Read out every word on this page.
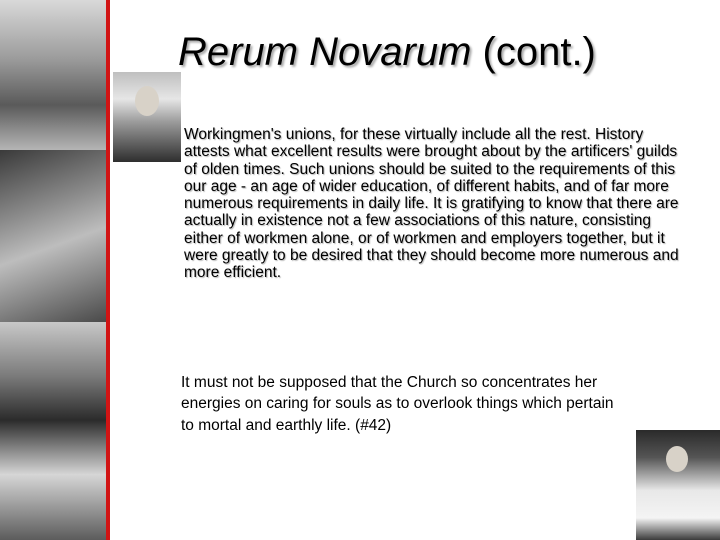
Rerum Novarum (cont.)

Workingmen's unions, for these virtually include all the rest. History attests what excellent results were brought about by the artificers' guilds of olden times. Such unions should be suited to the requirements of this our age - an age of wider education, of different habits, and of far more numerous requirements in daily life. It is gratifying to know that there are actually in existence not a few associations of this nature, consisting either of workmen alone, or of workmen and employers together, but it were greatly to be desired that they should become more numerous and more efficient.

It must not be supposed that the Church so concentrates her energies on caring for souls as to overlook things which pertain to mortal and earthly life. (#42)
